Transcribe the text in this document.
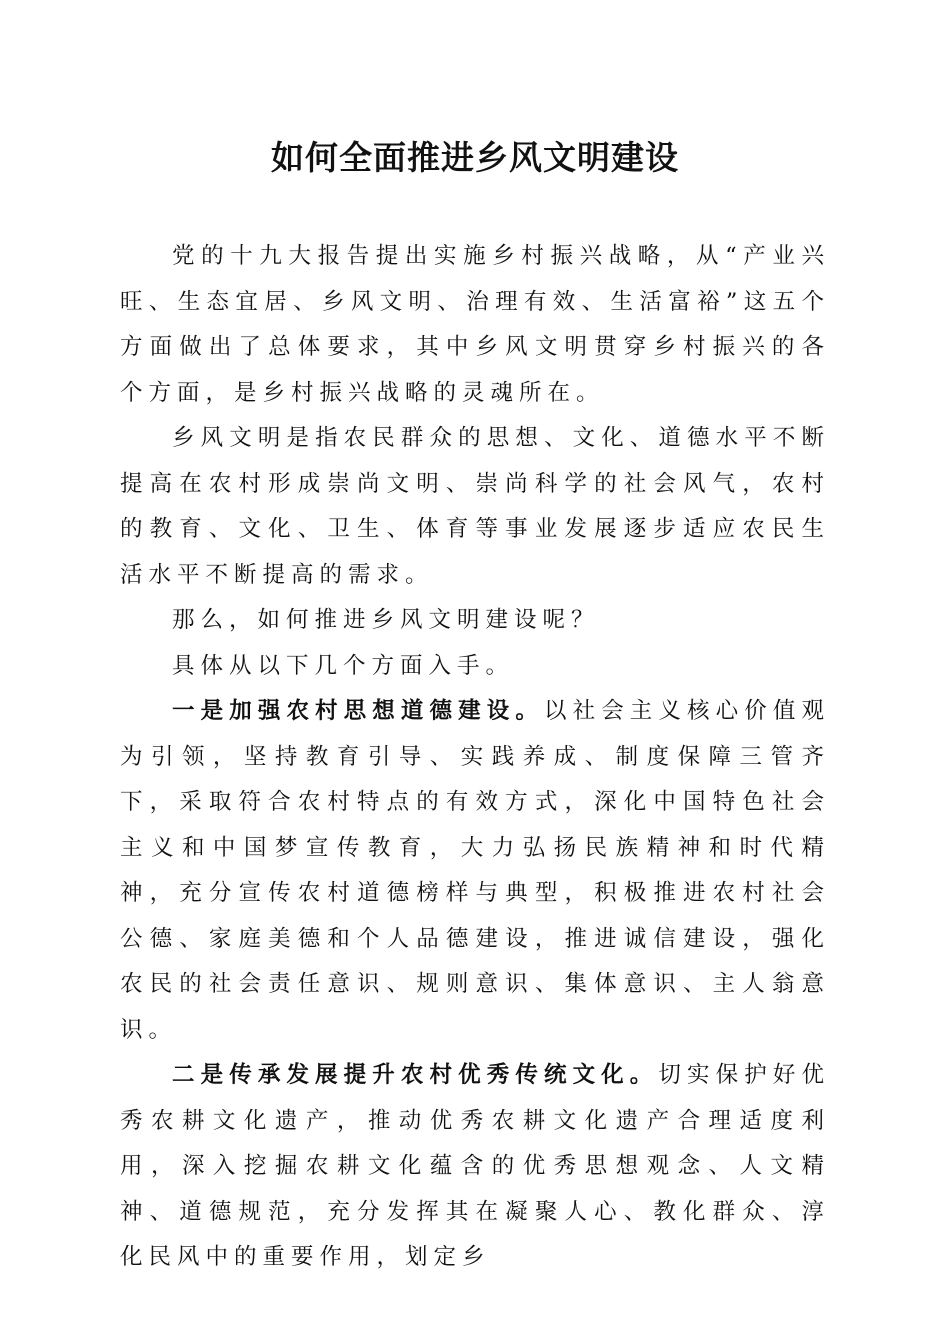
如何全面推进乡风文明建设

党的十九大报告提出实施乡村振兴战略，从“产业兴旺、生态宜居、乡风文明、治理有效、生活富裕”这五个方面做出了总体要求，其中乡风文明贯穿乡村振兴的各个方面，是乡村振兴战略的灵魂所在。

乡风文明是指农民群众的思想、文化、道德水平不断提高在农村形成崇尚文明、崇尚科学的社会风气，农村的教育、文化、卫生、体育等事业发展逐步适应农民生活水平不断提高的需求。

那么，如何推进乡风文明建设呢？

具体从以下几个方面入手。

一是加强农村思想道德建设。以社会主义核心价值观为引领，坚持教育引导、实践养成、制度保障三管齐下，采取符合农村特点的有效方式，深化中国特色社会主义和中国梦宣传教育，大力弘扬民族精神和时代精神，充分宣传农村道德榜样与典型，积极推进农村社会公德、家庭美德和个人品德建设，推进诚信建设，强化农民的社会责任意识、规则意识、集体意识、主人翁意识。

二是传承发展提升农村优秀传统文化。切实保护好优秀农耕文化遗产，推动优秀农耕文化遗产合理适度利用，深入挖掘农耕文化蕴含的优秀思想观念、人文精神、道德规范，充分发挥其在凝聚人心、教化群众、淳化民风中的重要作用，划定乡
